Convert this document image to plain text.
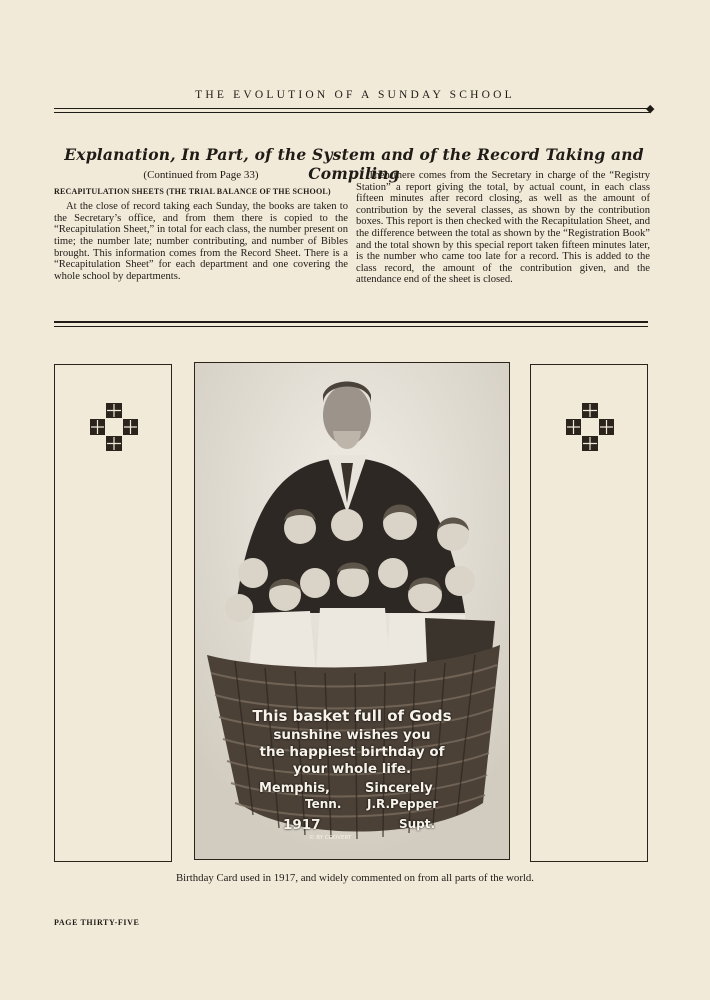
THE EVOLUTION OF A SUNDAY SCHOOL
◆
Explanation, In Part, of the System and of the Record Taking and Compiling
(Continued from Page 33)
RECAPITULATION SHEETS (THE TRIAL BALANCE OF THE SCHOOL)

At the close of record taking each Sunday, the books are taken to the Secretary’s office, and from them there is copied to the “Recapitulation Sheet,” in total for each class, the number present on time; the number late; number contributing, and number of Bibles brought. This information comes from the Record Sheet. There is a “Recapitulation Sheet” for each department and one covering the whole school by departments.

Then there comes from the Secretary in charge of the “Registry Station” a report giving the total, by actual count, in each class fifteen minutes after record closing, as well as the amount of contribution by the several classes, as shown by the contribution boxes. This report is then checked with the Recapitulation Sheet, and the difference between the total as shown by the “Registration Book” and the total shown by this special report taken fifteen minutes later, is the number who came too late for a record. This is added to the class record, the amount of the contribution given, and the attendance end of the sheet is closed.

This basket full of Gods
sunshine wishes you
the happiest birthday of
your whole life.
Memphis,
Tenn.
1917
Sincerely
J.R.Pepper
Supt.
© BY COOVERT
Birthday Card used in 1917, and widely commented on from all parts of the world.
PAGE THIRTY-FIVE
